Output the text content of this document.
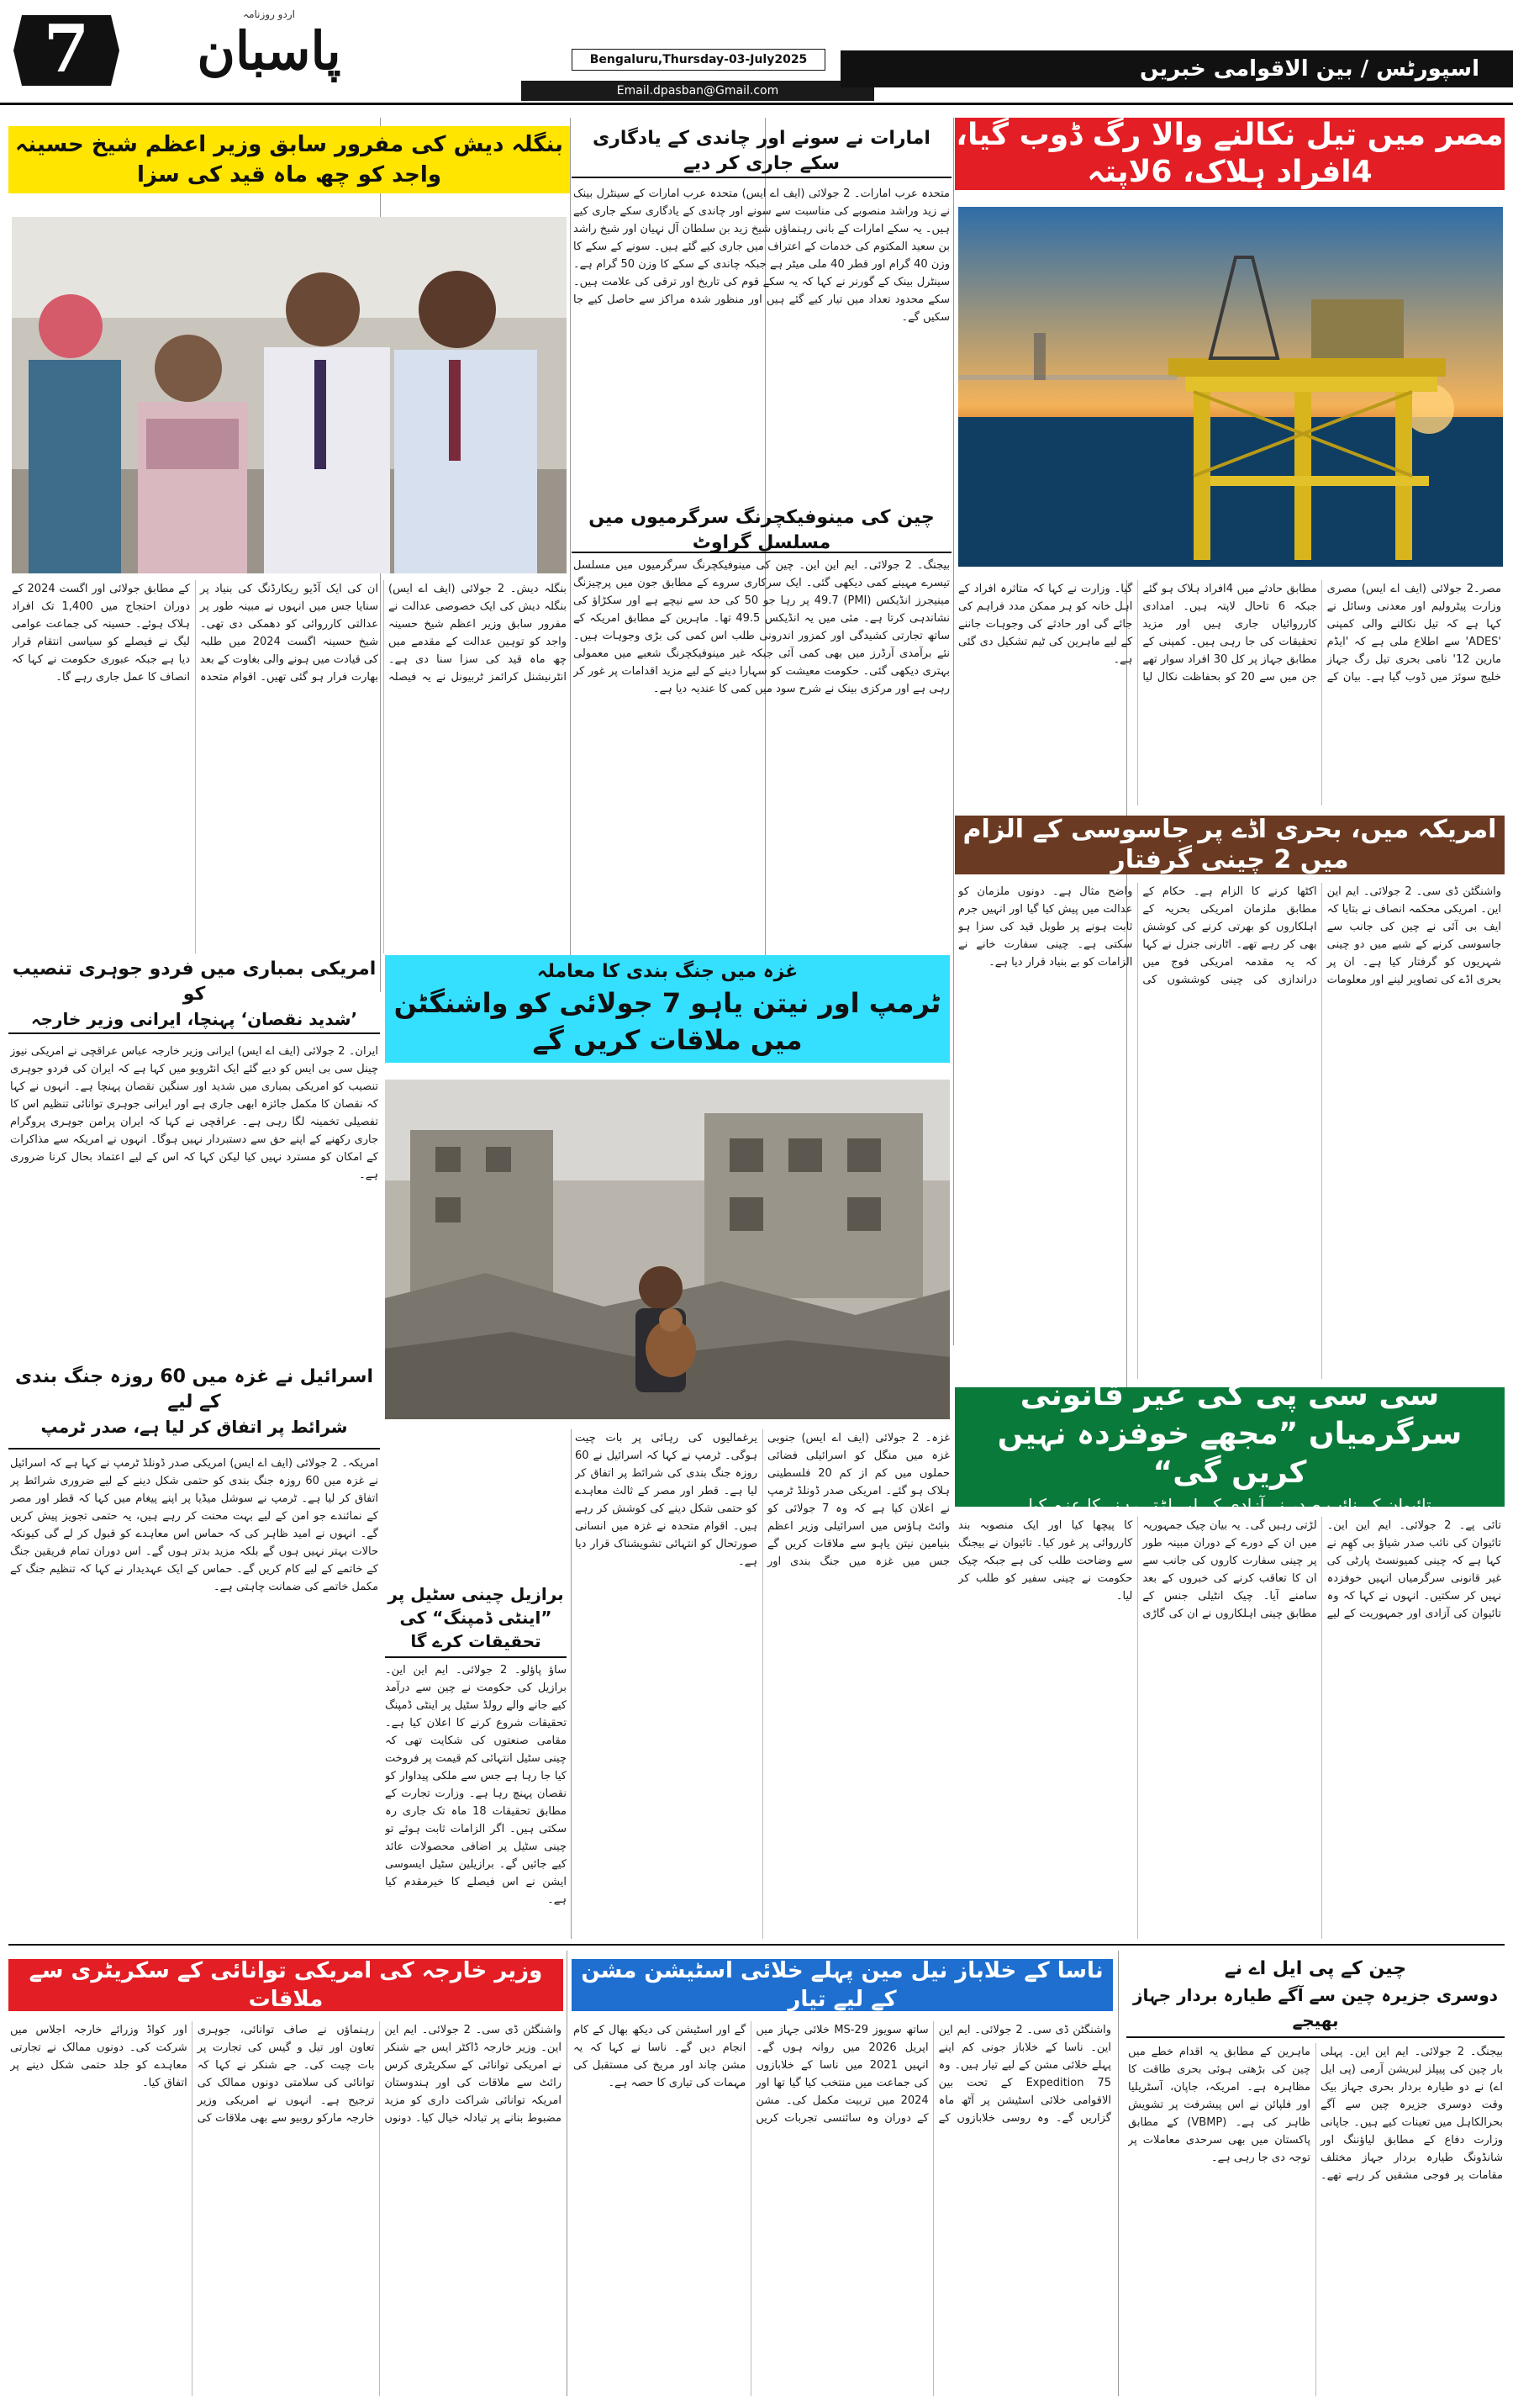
7	اردو روزنامہ
پاسبان	Bengaluru,Thursday-03-July2025
Email.dpasban@Gmail.com
اسپورٹس / بین الاقوامی خبریں
مصر میں تیل نکالنے والا رگ ڈوب گیا، 4افراد ہلاک، 6لاپتہ

مصر۔2 جولائی (ایف اے ایس) مصری وزارت پیٹرولیم اور معدنی وسائل نے کہا ہے کہ تیل نکالنے والی کمپنی 'ADES' سے اطلاع ملی ہے کہ 'ایڈم مارین 12' نامی بحری تیل رگ جہاز خلیج سوئز میں ڈوب گیا ہے۔ بیان کے مطابق حادثے میں 4افراد ہلاک ہو گئے جبکہ 6 تاحال لاپتہ ہیں۔ امدادی کارروائیاں جاری ہیں اور مزید تحقیقات کی جا رہی ہیں۔ کمپنی کے مطابق جہاز پر کل 30 افراد سوار تھے جن میں سے 20 کو بحفاظت نکال لیا گیا۔ وزارت نے کہا کہ متاثرہ افراد کے اہل خانہ کو ہر ممکن مدد فراہم کی جائے گی اور حادثے کی وجوہات جاننے کے لیے ماہرین کی ٹیم تشکیل دی گئی ہے۔

امریکہ میں، بحری اڈے پر جاسوسی کے الزام میں 2 چینی گرفتار

واشنگٹن ڈی سی۔ 2 جولائی۔ ایم این این۔ امریکی محکمہ انصاف نے بتایا کہ ایف بی آئی نے چین کی جانب سے جاسوسی کرنے کے شبے میں دو چینی شہریوں کو گرفتار کیا ہے۔ ان پر بحری اڈے کی تصاویر لینے اور معلومات اکٹھا کرنے کا الزام ہے۔ حکام کے مطابق ملزمان امریکی بحریہ کے اہلکاروں کو بھرتی کرنے کی کوشش بھی کر رہے تھے۔ اٹارنی جنرل نے کہا کہ یہ مقدمہ امریکی فوج میں دراندازی کی چینی کوششوں کی واضح مثال ہے۔ دونوں ملزمان کو عدالت میں پیش کیا گیا اور انہیں جرم ثابت ہونے پر طویل قید کی سزا ہو سکتی ہے۔ چینی سفارت خانے نے الزامات کو بے بنیاد قرار دیا ہے۔

سی سی پی کی غیر قانونی سرگرمیاں ”مجھے خوفزدہ نہیں کریں گی“
تائیوان کے نائب صدر نے آزادی کے لیے لڑتے رہنے کا عزم کیا

تائی پے۔ 2 جولائی۔ ایم این این۔ تائیوان کی نائب صدر شیاؤ بی کھِم نے کہا ہے کہ چینی کمیونسٹ پارٹی کی غیر قانونی سرگرمیاں انہیں خوفزدہ نہیں کر سکتیں۔ انہوں نے کہا کہ وہ تائیوان کی آزادی اور جمہوریت کے لیے لڑتی رہیں گی۔ یہ بیان چیک جمہوریہ میں ان کے دورے کے دوران مبینہ طور پر چینی سفارت کاروں کی جانب سے ان کا تعاقب کرنے کی خبروں کے بعد سامنے آیا۔ چیک انٹیلی جنس کے مطابق چینی اہلکاروں نے ان کی گاڑی کا پیچھا کیا اور ایک منصوبہ بند کارروائی پر غور کیا۔ تائیوان نے بیجنگ سے وضاحت طلب کی ہے جبکہ چیک حکومت نے چینی سفیر کو طلب کر لیا۔

امارات نے سونے اور چاندی کے یادگاری سکے جاری کر دیے

متحدہ عرب امارات۔ 2 جولائی (ایف اے ایس) متحدہ عرب امارات کے سینٹرل بینک نے زید وراشد منصوبے کی مناسبت سے سونے اور چاندی کے یادگاری سکے جاری کیے ہیں۔ یہ سکے امارات کے بانی رہنماؤں شیخ زید بن سلطان آل نہیان اور شیخ راشد بن سعید المکتوم کی خدمات کے اعتراف میں جاری کیے گئے ہیں۔ سونے کے سکے کا وزن 40 گرام اور قطر 40 ملی میٹر ہے جبکہ چاندی کے سکے کا وزن 50 گرام ہے۔ سینٹرل بینک کے گورنر نے کہا کہ یہ سکے قوم کی تاریخ اور ترقی کی علامت ہیں۔ سکے محدود تعداد میں تیار کیے گئے ہیں اور منظور شدہ مراکز سے حاصل کیے جا سکیں گے۔

چین کی مینوفیکچرنگ سرگرمیوں میں مسلسل گراوٹ

بیجنگ۔ 2 جولائی۔ ایم این این۔ چین کی مینوفیکچرنگ سرگرمیوں میں مسلسل تیسرے مہینے کمی دیکھی گئی۔ ایک سرکاری سروے کے مطابق جون میں پرچیزنگ مینیجرز انڈیکس (PMI) 49.7 پر رہا جو 50 کی حد سے نیچے ہے اور سکڑاؤ کی نشاندہی کرتا ہے۔ مئی میں یہ انڈیکس 49.5 تھا۔ ماہرین کے مطابق امریکہ کے ساتھ تجارتی کشیدگی اور کمزور اندرونی طلب اس کمی کی بڑی وجوہات ہیں۔ نئے برآمدی آرڈرز میں بھی کمی آئی جبکہ غیر مینوفیکچرنگ شعبے میں معمولی بہتری دیکھی گئی۔ حکومت معیشت کو سہارا دینے کے لیے مزید اقدامات پر غور کر رہی ہے اور مرکزی بینک نے شرح سود میں کمی کا عندیہ دیا ہے۔

غزہ میں جنگ بندی کا معاملہ
ٹرمپ اور نیتن یاہو 7 جولائی کو واشنگٹن میں ملاقات کریں گے
برازیل چینی سٹیل پر ”اینٹی ڈمپنگ“ کی تحقیقات کرے گا

ساؤ پاؤلو۔ 2 جولائی۔ ایم این این۔ برازیل کی حکومت نے چین سے درآمد کیے جانے والے رولڈ سٹیل پر اینٹی ڈمپنگ تحقیقات شروع کرنے کا اعلان کیا ہے۔ مقامی صنعتوں کی شکایت تھی کہ چینی سٹیل انتہائی کم قیمت پر فروخت کیا جا رہا ہے جس سے ملکی پیداوار کو نقصان پہنچ رہا ہے۔ وزارت تجارت کے مطابق تحقیقات 18 ماہ تک جاری رہ سکتی ہیں۔ اگر الزامات ثابت ہوئے تو چینی سٹیل پر اضافی محصولات عائد کیے جائیں گے۔ برازیلین سٹیل ایسوسی ایشن نے اس فیصلے کا خیرمقدم کیا ہے۔

غزہ۔ 2 جولائی (ایف اے ایس) جنوبی غزہ میں منگل کو اسرائیلی فضائی حملوں میں کم از کم 20 فلسطینی ہلاک ہو گئے۔ امریکی صدر ڈونلڈ ٹرمپ نے اعلان کیا ہے کہ وہ 7 جولائی کو وائٹ ہاؤس میں اسرائیلی وزیر اعظم بنیامین نیتن یاہو سے ملاقات کریں گے جس میں غزہ میں جنگ بندی اور یرغمالیوں کی رہائی پر بات چیت ہوگی۔ ٹرمپ نے کہا کہ اسرائیل نے 60 روزہ جنگ بندی کی شرائط پر اتفاق کر لیا ہے۔ قطر اور مصر کے ثالث معاہدے کو حتمی شکل دینے کی کوشش کر رہے ہیں۔ اقوام متحدہ نے غزہ میں انسانی صورتحال کو انتہائی تشویشناک قرار دیا ہے۔

بنگلہ دیش کی مفرور سابق وزیر اعظم شیخ حسینہ واجد کو چھ ماہ قید کی سزا

بنگلہ دیش۔ 2 جولائی (ایف اے ایس) بنگلہ دیش کی ایک خصوصی عدالت نے مفرور سابق وزیر اعظم شیخ حسینہ واجد کو توہین عدالت کے مقدمے میں چھ ماہ قید کی سزا سنا دی ہے۔ انٹرنیشنل کرائمز ٹربیونل نے یہ فیصلہ ان کی ایک آڈیو ریکارڈنگ کی بنیاد پر سنایا جس میں انہوں نے مبینہ طور پر عدالتی کارروائی کو دھمکی دی تھی۔ شیخ حسینہ اگست 2024 میں طلبہ کی قیادت میں ہونے والی بغاوت کے بعد بھارت فرار ہو گئی تھیں۔ اقوام متحدہ کے مطابق جولائی اور اگست 2024 کے دوران احتجاج میں 1,400 تک افراد ہلاک ہوئے۔ حسینہ کی جماعت عوامی لیگ نے فیصلے کو سیاسی انتقام قرار دیا ہے جبکہ عبوری حکومت نے کہا کہ انصاف کا عمل جاری رہے گا۔

امریکی بمباری میں فردو جوہری تنصیب کو
’شدید نقصان‘ پہنچا، ایرانی وزیر خارجہ

ایران۔ 2 جولائی (ایف اے ایس) ایرانی وزیر خارجہ عباس عراقچی نے امریکی نیوز چینل سی بی ایس کو دیے گئے ایک انٹرویو میں کہا ہے کہ ایران کی فردو جوہری تنصیب کو امریکی بمباری میں شدید اور سنگین نقصان پہنچا ہے۔ انہوں نے کہا کہ نقصان کا مکمل جائزہ ابھی جاری ہے اور ایرانی جوہری توانائی تنظیم اس کا تفصیلی تخمینہ لگا رہی ہے۔ عراقچی نے کہا کہ ایران پرامن جوہری پروگرام جاری رکھنے کے اپنے حق سے دستبردار نہیں ہوگا۔ انہوں نے امریکہ سے مذاکرات کے امکان کو مسترد نہیں کیا لیکن کہا کہ اس کے لیے اعتماد بحال کرنا ضروری ہے۔

اسرائیل نے غزہ میں 60 روزہ جنگ بندی کے لیے
شرائط پر اتفاق کر لیا ہے، صدر ٹرمپ

امریکہ۔ 2 جولائی (ایف اے ایس) امریکی صدر ڈونلڈ ٹرمپ نے کہا ہے کہ اسرائیل نے غزہ میں 60 روزہ جنگ بندی کو حتمی شکل دینے کے لیے ضروری شرائط پر اتفاق کر لیا ہے۔ ٹرمپ نے سوشل میڈیا پر اپنے پیغام میں کہا کہ قطر اور مصر کے نمائندے جو امن کے لیے بہت محنت کر رہے ہیں، یہ حتمی تجویز پیش کریں گے۔ انہوں نے امید ظاہر کی کہ حماس اس معاہدے کو قبول کر لے گی کیونکہ حالات بہتر نہیں ہوں گے بلکہ مزید بدتر ہوں گے۔ اس دوران تمام فریقین جنگ کے خاتمے کے لیے کام کریں گے۔ حماس کے ایک عہدیدار نے کہا کہ تنظیم جنگ کے مکمل خاتمے کی ضمانت چاہتی ہے۔

چین کے پی ایل اے نے
دوسری جزیرہ چین سے آگے طیارہ بردار جہاز بھیجے

بیجنگ۔ 2 جولائی۔ ایم این این۔ پہلی بار چین کی پیپلز لبریشن آرمی (پی ایل اے) نے دو طیارہ بردار بحری جہاز بیک وقت دوسری جزیرہ چین سے آگے بحرالکاہل میں تعینات کیے ہیں۔ جاپانی وزارت دفاع کے مطابق لیاؤننگ اور شانڈونگ طیارہ بردار جہاز مختلف مقامات پر فوجی مشقیں کر رہے تھے۔ ماہرین کے مطابق یہ اقدام خطے میں چین کی بڑھتی ہوئی بحری طاقت کا مظاہرہ ہے۔ امریکہ، جاپان، آسٹریلیا اور فلپائن نے اس پیشرفت پر تشویش ظاہر کی ہے۔ (VBMP) کے مطابق پاکستان میں بھی سرحدی معاملات پر توجہ دی جا رہی ہے۔

ناسا کے خلاباز نیل مین پہلے خلائی اسٹیشن مشن کے لیے تیار

واشنگٹن ڈی سی۔ 2 جولائی۔ ایم این این۔ ناسا کے خلاباز جونی کم اپنے پہلے خلائی مشن کے لیے تیار ہیں۔ وہ Expedition 75 کے تحت بین الاقوامی خلائی اسٹیشن پر آٹھ ماہ گزاریں گے۔ وہ روسی خلابازوں کے ساتھ سویوز MS-29 خلائی جہاز میں اپریل 2026 میں روانہ ہوں گے۔ انہیں 2021 میں ناسا کے خلابازوں کی جماعت میں منتخب کیا گیا تھا اور 2024 میں تربیت مکمل کی۔ مشن کے دوران وہ سائنسی تجربات کریں گے اور اسٹیشن کی دیکھ بھال کے کام انجام دیں گے۔ ناسا نے کہا کہ یہ مشن چاند اور مریخ کی مستقبل کی مہمات کی تیاری کا حصہ ہے۔

وزیر خارجہ کی امریکی توانائی کے سکریٹری سے ملاقات

واشنگٹن ڈی سی۔ 2 جولائی۔ ایم این این۔ وزیر خارجہ ڈاکٹر ایس جے شنکر نے امریکی توانائی کے سکریٹری کرس رائٹ سے ملاقات کی اور ہندوستان امریکہ توانائی شراکت داری کو مزید مضبوط بنانے پر تبادلہ خیال کیا۔ دونوں رہنماؤں نے صاف توانائی، جوہری تعاون اور تیل و گیس کی تجارت پر بات چیت کی۔ جے شنکر نے کہا کہ توانائی کی سلامتی دونوں ممالک کی ترجیح ہے۔ انہوں نے امریکی وزیر خارجہ مارکو روبیو سے بھی ملاقات کی اور کواڈ وزرائے خارجہ اجلاس میں شرکت کی۔ دونوں ممالک نے تجارتی معاہدے کو جلد حتمی شکل دینے پر اتفاق کیا۔
